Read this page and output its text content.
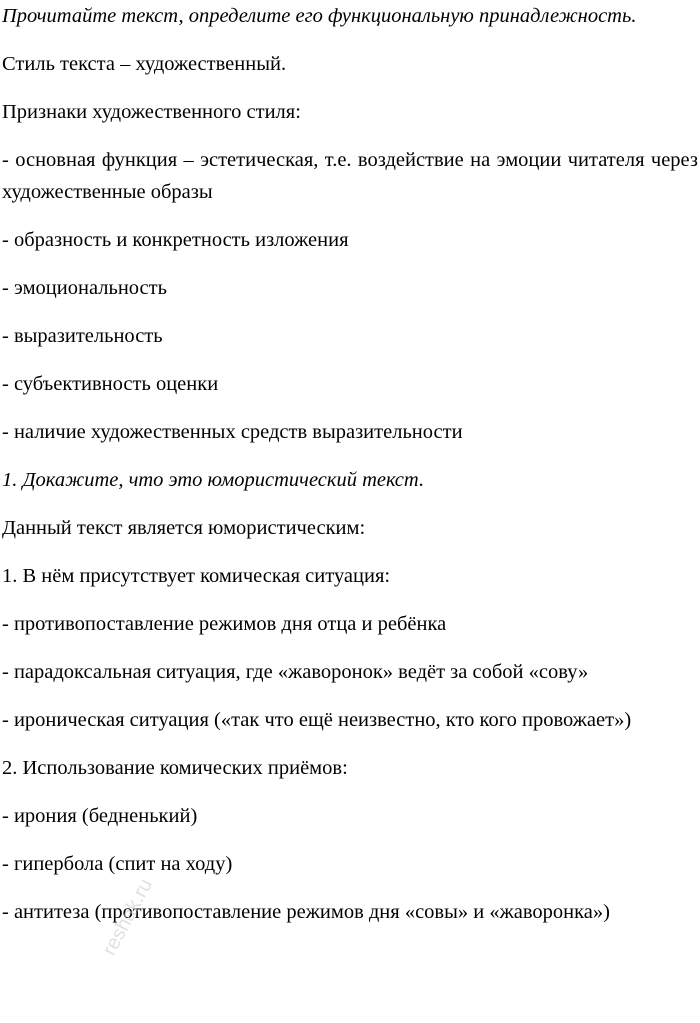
Прочитайте текст, определите его функциональную принадлежность.

Стиль текста – художественный.

Признаки художественного стиля:

- основная функция – эстетическая, т.е. воздействие на эмоции читателя через художественные образы

- образность и конкретность изложения

- эмоциональность

- выразительность

- субъективность оценки

- наличие художественных средств выразительности

1. Докажите, что это юмористический текст.

Данный текст является юмористическим:

1. В нём присутствует комическая ситуация:

- противопоставление режимов дня отца и ребёнка

- парадоксальная ситуация, где «жаворонок» ведёт за собой «сову»

- ироническая ситуация («так что ещё неизвестно, кто кого провожает»)

2. Использование комических приёмов:

- ирония (бедненький)

- гипербола (спит на ходу)

- антитеза (противопоставление режимов дня «совы» и «жаворонка»)

reshak.ru
